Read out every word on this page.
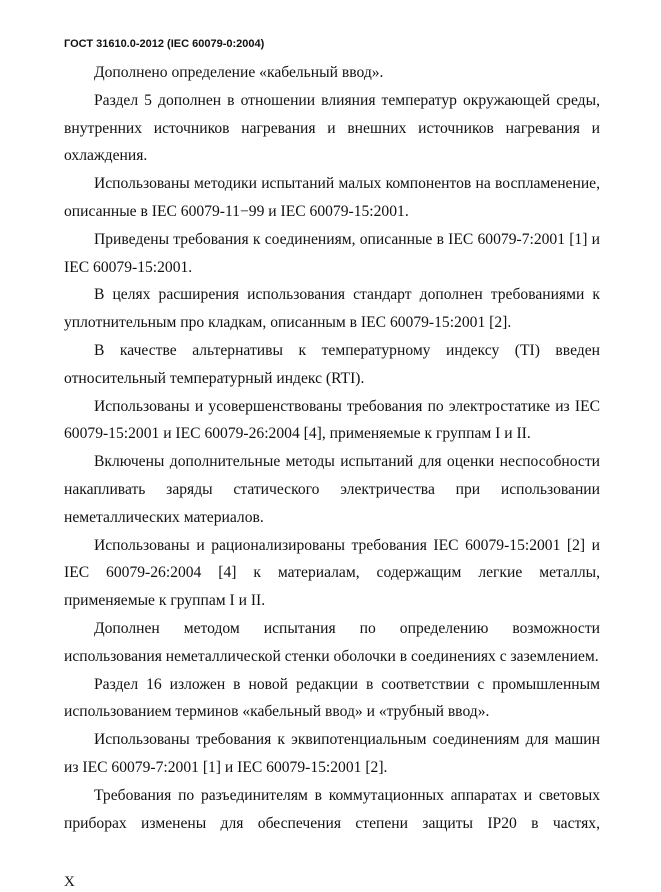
ГОСТ 31610.0-2012 (IEC 60079-0:2004)

Дополнено определение «кабельный ввод».

Раздел 5 дополнен в отношении влияния температур окружающей среды, внутренних источников нагревания и внешних источников нагревания и охлаждения.

Использованы методики испытаний малых компонентов на воспламенение, описанные в IEC 60079-11−99 и IEC 60079-15:2001.

Приведены требования к соединениям, описанные в IEC 60079-7:2001 [1] и IEC 60079-15:2001.

В целях расширения использования стандарт дополнен требованиями к уплотнительным про кладкам, описанным в IEC 60079-15:2001 [2].

В качестве альтернативы к температурному индексу (TI) введен относительный температурный индекс (RTI).

Использованы и усовершенствованы требования по электростатике из IEC 60079-15:2001 и IEC 60079-26:2004 [4], применяемые к группам I и II.

Включены дополнительные методы испытаний для оценки неспособности накапливать заряды статического электричества при использовании неметаллических материалов.

Использованы и рационализированы требования IEC 60079-15:2001 [2] и IEC 60079-26:2004 [4] к материалам, содержащим легкие металлы, применяемые к группам I и II.

Дополнен методом испытания по определению возможности использования неметаллической стенки оболочки в соединениях с заземлением.

Раздел 16 изложен в новой редакции в соответствии с промышленным использованием терминов «кабельный ввод» и «трубный ввод».

Использованы требования к эквипотенциальным соединениям для машин из IEC 60079-7:2001 [1] и IEC 60079-15:2001 [2].

Требования по разъединителям в коммутационных аппаратах и световых приборах изменены для обеспечения степени защиты IP20 в частях,

X
